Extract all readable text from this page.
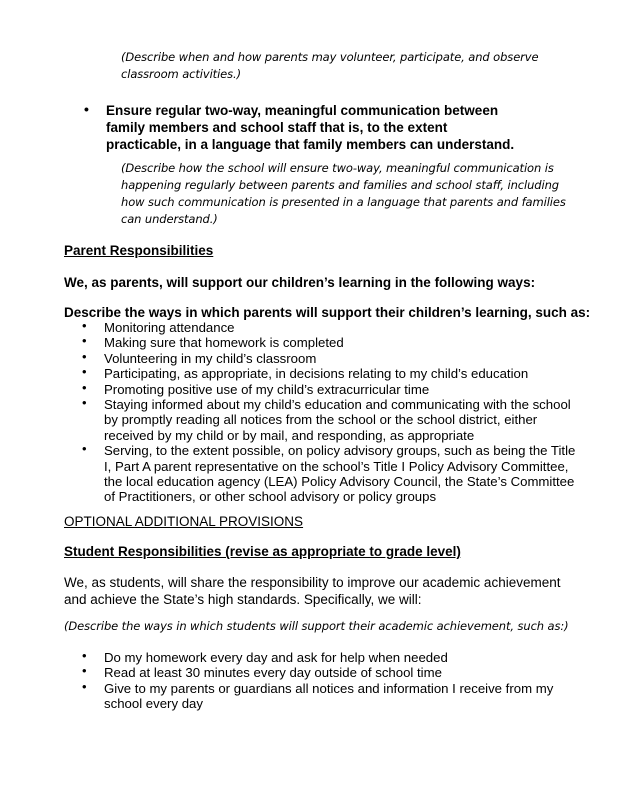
(Describe when and how parents may volunteer, participate, and observe classroom activities.)
•	Ensure regular two-way, meaningful communication between family members and school staff that is, to the extent practicable, in a language that family members can understand.
(Describe how the school will ensure two-way, meaningful communication is happening regularly between parents and families and school staff, including how such communication is presented in a language that parents and families can understand.)
Parent Responsibilities
We, as parents, will support our children’s learning in the following ways:
Describe the ways in which parents will support their children’s learning, such as:
•	Monitoring attendance
•	Making sure that homework is completed
•	Volunteering in my child’s classroom
•	Participating, as appropriate, in decisions relating to my child’s education
•	Promoting positive use of my child’s extracurricular time
•	Staying informed about my child’s education and communicating with the school by promptly reading all notices from the school or the school district, either received by my child or by mail, and responding, as appropriate
•	Serving, to the extent possible, on policy advisory groups, such as being the Title I, Part A parent representative on the school’s Title I Policy Advisory Committee, the local education agency (LEA) Policy Advisory Council, the State’s Committee of Practitioners, or other school advisory or policy groups
OPTIONAL ADDITIONAL PROVISIONS
Student Responsibilities (revise as appropriate to grade level)
We, as students, will share the responsibility to improve our academic achievement and achieve the State’s high standards. Specifically, we will:
(Describe the ways in which students will support their academic achievement, such as:)
•	Do my homework every day and ask for help when needed
•	Read at least 30 minutes every day outside of school time
•	Give to my parents or guardians all notices and information I receive from my school every day
